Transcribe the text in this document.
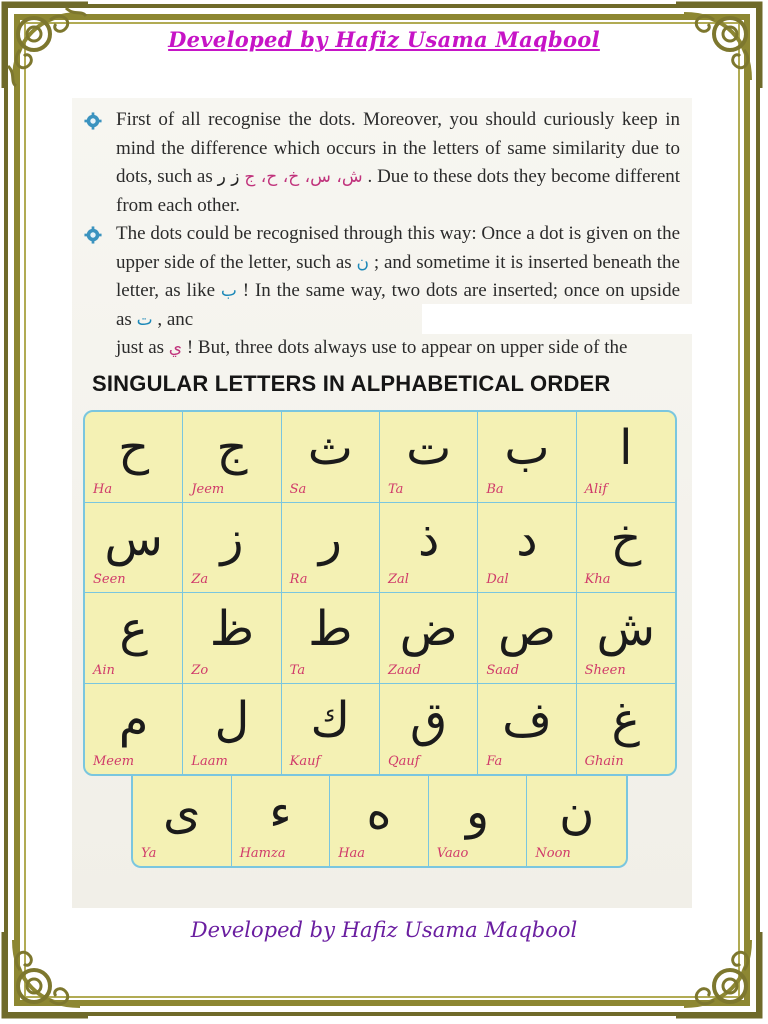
Developed by Hafiz Usama Maqbool

First of all recognise the dots. Moreover, you should curiously keep in mind the difference which occurs in the letters of same similarity due to dots, such as ز ر ش، س، خ، ح، ج . Due to these dots they become different from each other.

The dots could be recognised through this way: Once a dot is given on the upper side of the letter, such as ن ; and sometime it is inserted beneath the letter, as like ب ! In the same way, two dots are inserted; once on upside as ت , anc
just as ي ! But, three dots always use to appear on upper side of the

SINGULAR LETTERS IN ALPHABETICAL ORDER
ح
Ha
ج
Jeem
ث
Sa
ت
Ta
ب
Ba
ا
Alif
س
Seen
ز
Za
ر
Ra
ذ
Zal
د
Dal
خ
Kha
ع
Ain
ظ
Zo
ط
Ta
ض
Zaad
ص
Saad
ش
Sheen
م
Meem
ل
Laam
ك
Kauf
ق
Qauf
ف
Fa
غ
Ghain
ى
Ya
ء
Hamza
ه
Haa
و
Vaao
ن
Noon
Developed by Hafiz Usama Maqbool
